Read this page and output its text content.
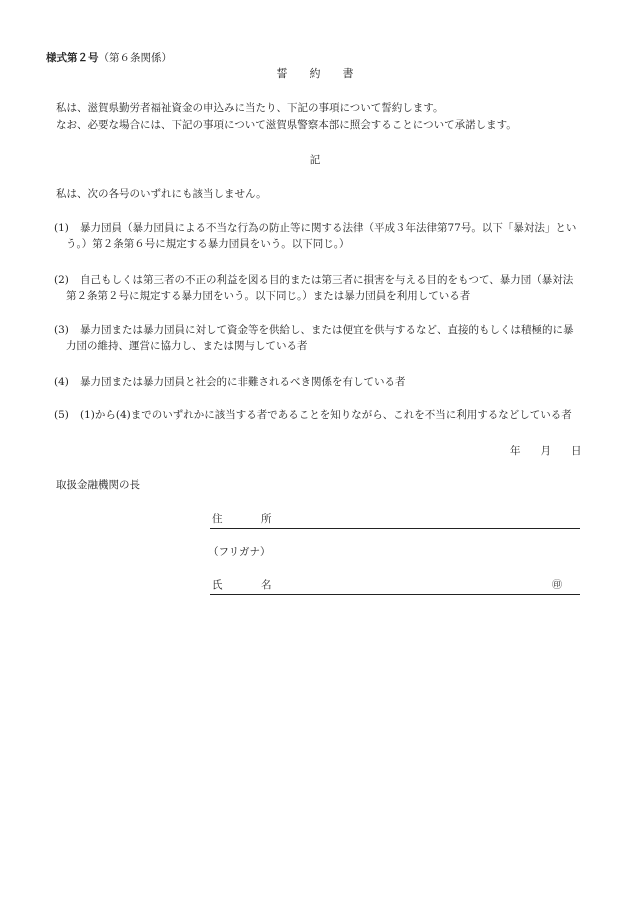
様式第２号（第６条関係）
誓　　約　　書
私は、滋賀県勤労者福祉資金の申込みに当たり、下記の事項について誓約します。
なお、必要な場合には、下記の事項について滋賀県警察本部に照会することについて承諾します。
記
私は、次の各号のいずれにも該当しません。
(1)	暴力団員（暴力団員による不当な行為の防止等に関する法律（平成３年法律第77号。以下「暴対法」とい
う。）第２条第６号に規定する暴力団員をいう。以下同じ。）
(2)	自己もしくは第三者の不正の利益を図る目的または第三者に損害を与える目的をもつて、暴力団（暴対法
第２条第２号に規定する暴力団をいう。以下同じ。）または暴力団員を利用している者
(3)	暴力団または暴力団員に対して資金等を供給し、または便宜を供与するなど、直接的もしくは積極的に暴
力団の維持、運営に協力し、または関与している者
(4)	暴力団または暴力団員と社会的に非難されるべき関係を有している者
(5)	(1)から(4)までのいずれかに該当する者であることを知りながら、これを不当に利用するなどしている者
年 月 日
取扱金融機関の長
住　所
（フリガナ）
氏　名	㊞
